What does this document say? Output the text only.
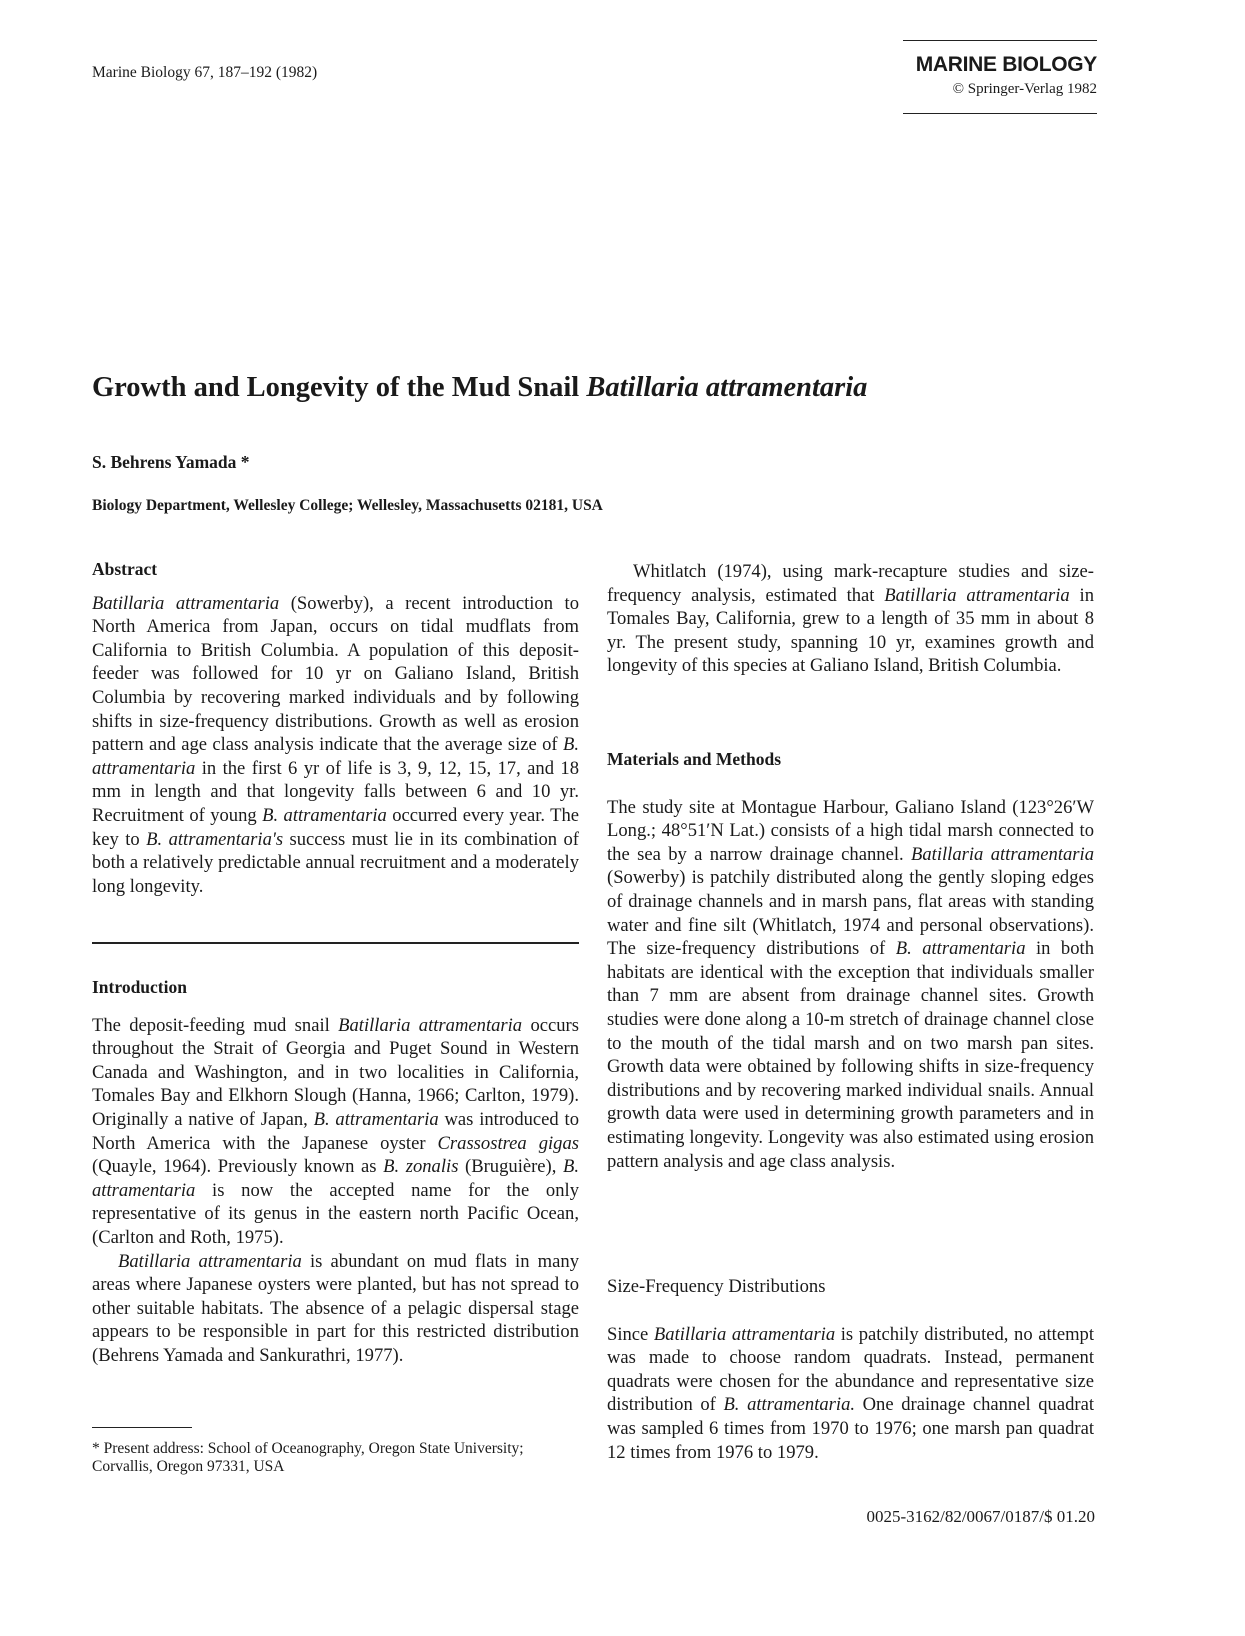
Marine Biology 67, 187–192 (1982)	MARINE BIOLOGY
© Springer-Verlag 1982
Growth and Longevity of the Mud Snail Batillaria attramentaria
S. Behrens Yamada *
Biology Department, Wellesley College; Wellesley, Massachusetts 02181, USA
Abstract

Batillaria attramentaria (Sowerby), a recent introduction to North America from Japan, occurs on tidal mudflats from California to British Columbia. A population of this deposit-feeder was followed for 10 yr on Galiano Island, British Columbia by recovering marked individuals and by following shifts in size-frequency distributions. Growth as well as erosion pattern and age class analysis indicate that the average size of B. attramentaria in the first 6 yr of life is 3, 9, 12, 15, 17, and 18 mm in length and that longevity falls between 6 and 10 yr. Recruitment of young B. attramentaria occurred every year. The key to B. attramentaria's success must lie in its combination of both a relatively predictable annual recruitment and a moderately long longevity.

Introduction

The deposit-feeding mud snail Batillaria attramentaria occurs throughout the Strait of Georgia and Puget Sound in Western Canada and Washington, and in two localities in California, Tomales Bay and Elkhorn Slough (Hanna, 1966; Carlton, 1979). Originally a native of Japan, B. attramentaria was introduced to North America with the Japanese oyster Crassostrea gigas (Quayle, 1964). Previously known as B. zonalis (Bruguière), B. attramentaria is now the accepted name for the only representative of its genus in the eastern north Pacific Ocean, (Carlton and Roth, 1975).

Batillaria attramentaria is abundant on mud flats in many areas where Japanese oysters were planted, but has not spread to other suitable habitats. The absence of a pelagic dispersal stage appears to be responsible in part for this restricted distribution (Behrens Yamada and Sankurathri, 1977).

* Present address: School of Oceanography, Oregon State University; Corvallis, Oregon 97331, USA

Whitlatch (1974), using mark-recapture studies and size-frequency analysis, estimated that Batillaria attramentaria in Tomales Bay, California, grew to a length of 35 mm in about 8 yr. The present study, spanning 10 yr, examines growth and longevity of this species at Galiano Island, British Columbia.

Materials and Methods

The study site at Montague Harbour, Galiano Island (123°26′W Long.; 48°51′N Lat.) consists of a high tidal marsh connected to the sea by a narrow drainage channel. Batillaria attramentaria (Sowerby) is patchily distributed along the gently sloping edges of drainage channels and in marsh pans, flat areas with standing water and fine silt (Whitlatch, 1974 and personal observations). The size-frequency distributions of B. attramentaria in both habitats are identical with the exception that individuals smaller than 7 mm are absent from drainage channel sites. Growth studies were done along a 10-m stretch of drainage channel close to the mouth of the tidal marsh and on two marsh pan sites. Growth data were obtained by following shifts in size-frequency distributions and by recovering marked individual snails. Annual growth data were used in determining growth parameters and in estimating longevity. Longevity was also estimated using erosion pattern analysis and age class analysis.

Size-Frequency Distributions

Since Batillaria attramentaria is patchily distributed, no attempt was made to choose random quadrats. Instead, permanent quadrats were chosen for the abundance and representative size distribution of B. attramentaria. One drainage channel quadrat was sampled 6 times from 1970 to 1976; one marsh pan quadrat 12 times from 1976 to 1979.

0025-3162/82/0067/0187/$ 01.20
